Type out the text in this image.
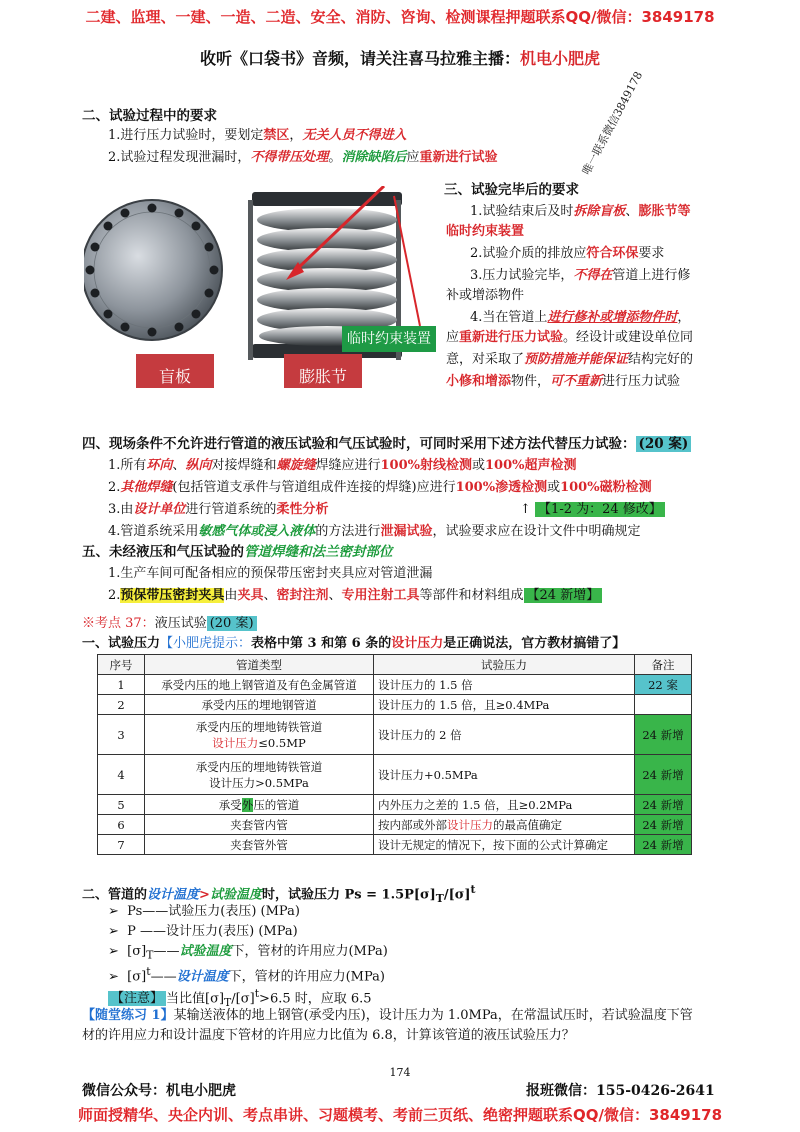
二建、监理、一建、一造、二造、安全、消防、咨询、检测课程押题联系QQ/微信：3849178
收听《口袋书》音频，请关注喜马拉雅主播：机电小肥虎
二、试验过程中的要求
1.进行压力试验时，要划定禁区，无关人员不得进入
2.试验过程发现泄漏时，不得带压处理。消除缺陷后应重新进行试验
盲板	膨胀节
临时约束装置
唯一联系微信3849178
三、试验完毕后的要求
1.试验结束后及时拆除盲板、膨胀节等
临时约束装置
2.试验介质的排放应符合环保要求
3.压力试验完毕，不得在管道上进行修
补或增添物件
4.当在管道上进行修补或增添物件时，
应重新进行压力试验。经设计或建设单位同
意，对采取了预防措施并能保证结构完好的
小修和增添物件，可不重新进行压力试验
四、现场条件不允许进行管道的液压试验和气压试验时，可同时采用下述方法代替压力试验： (20 案)
1.所有环向、纵向对接焊缝和螺旋缝焊缝应进行100%射线检测或100%超声检测
2.其他焊缝(包括管道支承件与管道组成件连接的焊缝)应进行100%渗透检测或100%磁粉检测
3.由设计单位进行管道系统的柔性分析	↑ 【1-2 为：24 修改】
4.管道系统采用敏感气体或浸入液体的方法进行泄漏试验，试验要求应在设计文件中明确规定
五、未经液压和气压试验的管道焊缝和法兰密封部位
1.生产车间可配备相应的预保带压密封夹具应对管道泄漏
2.预保带压密封夹具由夹具、密封注剂、专用注射工具等部件和材料组成 【24 新增】
※考点 37：液压试验 (20 案)
一、试验压力【小肥虎提示：表格中第 3 和第 6 条的设计压力是正确说法，官方教材搞错了】
序号	管道类型	试验压力	备注
1	承受内压的地上钢管道及有色金属管道	设计压力的 1.5 倍	22 案
2	承受内压的埋地钢管道	设计压力的 1.5 倍，且≥0.4MPa	
3	承受内压的埋地铸铁管道
设计压力≤0.5MP	设计压力的 2 倍	24 新增
4	承受内压的埋地铸铁管道
设计压力>0.5MPa	设计压力+0.5MPa	24 新增
5	承受外压的管道	内外压力之差的 1.5 倍，且≥0.2MPa	24 新增
6	夹套管内管	按内部或外部设计压力的最高值确定	24 新增
7	夹套管外管	设计无规定的情况下，按下面的公式计算确定	24 新增
二、管道的设计温度>试验温度时，试验压力 $Ps = 1.5P[\sigma]_T/[\sigma]^t$
➢ Ps——试验压力(表压) (MPa)
➢ P ——设计压力(表压) (MPa)
➢ $[\sigma]_T——$试验温度下，管材的许用应力(MPa)
➢ $[\sigma]^t——$设计温度下，管材的许用应力(MPa)
【注意】 当比值$[\sigma]_T/[\sigma]^t>6.5$ 时，应取 6.5
【随堂练习 1】某输送液体的地上钢管(承受内压)，设计压力为 1.0MPa，在常温试压时，若试验温度下管
材的许用应力和设计温度下管材的许用应力比值为 6.8，计算该管道的液压试验压力？
174
微信公众号：机电小肥虎	报班微信：155-0426-2641
师面授精华、央企内训、考点串讲、习题模考、考前三页纸、绝密押题联系QQ/微信：3849178
